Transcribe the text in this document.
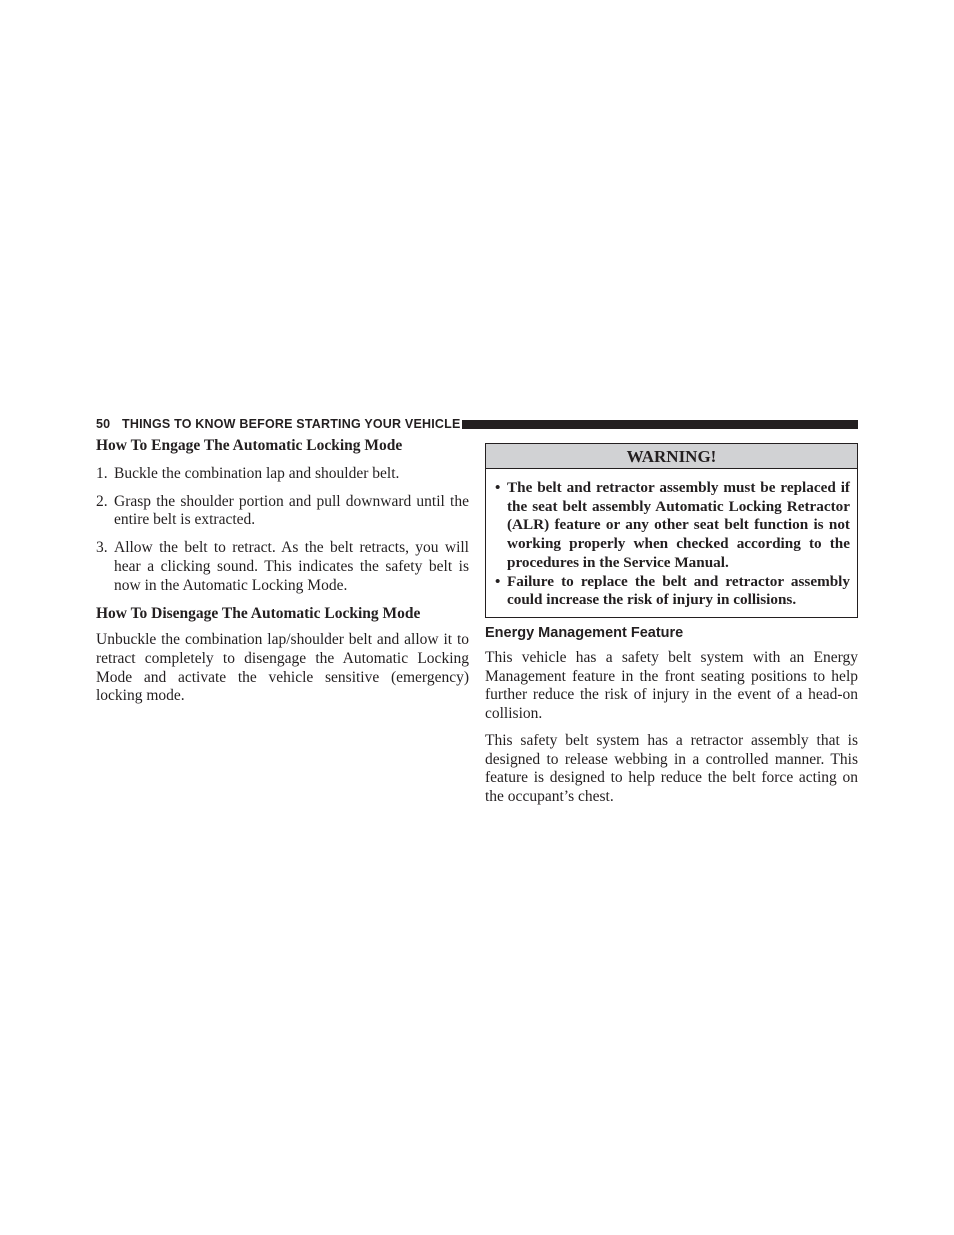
50 THINGS TO KNOW BEFORE STARTING YOUR VEHICLE
How To Engage The Automatic Locking Mode
1. Buckle the combination lap and shoulder belt.
2. Grasp the shoulder portion and pull downward until the entire belt is extracted.
3. Allow the belt to retract. As the belt retracts, you will hear a clicking sound. This indicates the safety belt is now in the Automatic Locking Mode.
How To Disengage The Automatic Locking Mode

Unbuckle the combination lap/shoulder belt and allow it to retract completely to disengage the Automatic Locking Mode and activate the vehicle sensitive (emergency) locking mode.

WARNING!
• The belt and retractor assembly must be replaced if the seat belt assembly Automatic Locking Retractor (ALR) feature or any other seat belt function is not working properly when checked according to the procedures in the Service Manual.
• Failure to replace the belt and retractor assembly could increase the risk of injury in collisions.
Energy Management Feature

This vehicle has a safety belt system with an Energy Management feature in the front seating positions to help further reduce the risk of injury in the event of a head-on collision.

This safety belt system has a retractor assembly that is designed to release webbing in a controlled manner. This feature is designed to help reduce the belt force acting on the occupant’s chest.
